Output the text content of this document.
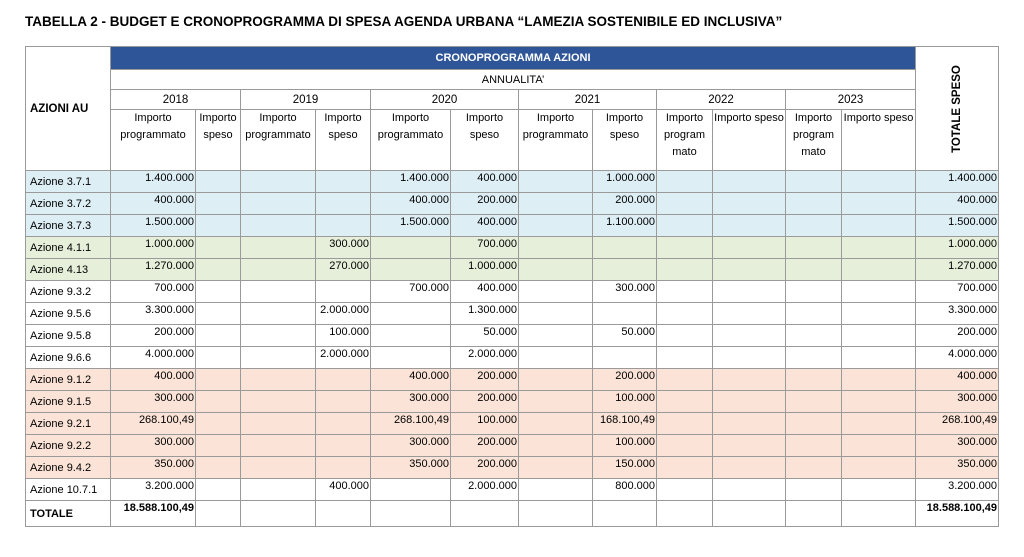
TABELLA 2 - BUDGET E CRONOPROGRAMMA DI SPESA AGENDA URBANA “LAMEZIA SOSTENIBILE ED INCLUSIVA”
AZIONI AU	CRONOPROGRAMMA AZIONI												TOTALE SPESO

	ANNUALITA’												
	2018		2019		2020		2021		2022		2023		
	Importo programmato	Importo speso	Importo programmato	Importo speso	Importo programmato	Importo speso	Importo programmato	Importo speso	Importo program mato	Importo speso	Importo program mato	Importo speso	
Azione 3.7.1	1.400.000				1.400.000	400.000		1.000.000					1.400.000
Azione 3.7.2	400.000				400.000	200.000		200.000					400.000
Azione 3.7.3	1.500.000				1.500.000	400.000		1.100.000					1.500.000
Azione 4.1.1	1.000.000			300.000		700.000							1.000.000
Azione 4.13	1.270.000			270.000		1.000.000							1.270.000
Azione 9.3.2	700.000				700.000	400.000		300.000					700.000
Azione 9.5.6	3.300.000			2.000.000		1.300.000							3.300.000
Azione 9.5.8	200.000			100.000		50.000		50.000					200.000
Azione 9.6.6	4.000.000			2.000.000		2.000.000							4.000.000
Azione 9.1.2	400.000				400.000	200.000		200.000					400.000
Azione 9.1.5	300.000				300.000	200.000		100.000					300.000
Azione 9.2.1	268.100,49				268.100,49	100.000		168.100,49					268.100,49
Azione 9.2.2	300.000				300.000	200.000		100.000					300.000
Azione 9.4.2	350.000				350.000	200.000		150.000					350.000
Azione 10.7.1	3.200.000			400.000		2.000.000		800.000					3.200.000
TOTALE	18.588.100,49												18.588.100,49
